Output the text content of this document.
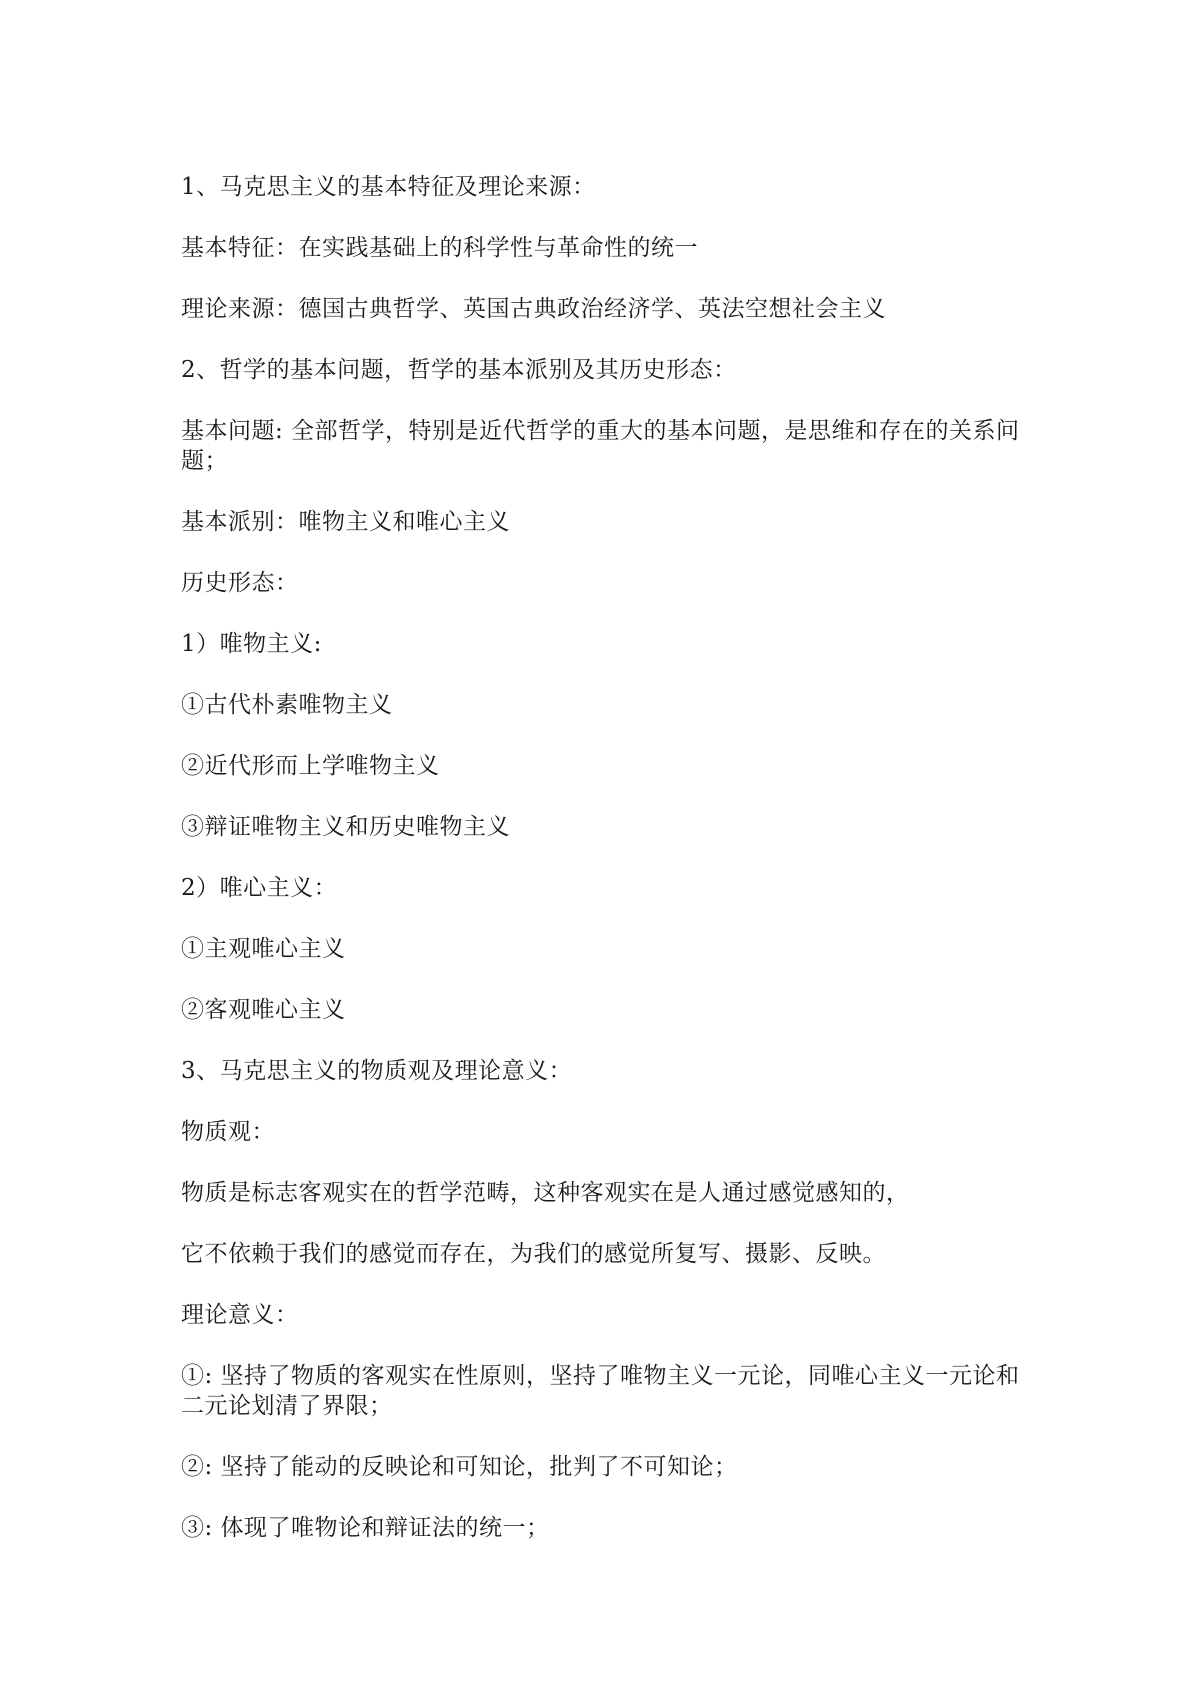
1、马克思主义的基本特征及理论来源：

基本特征：在实践基础上的科学性与革命性的统一

理论来源：德国古典哲学、英国古典政治经济学、英法空想社会主义

2、哲学的基本问题，哲学的基本派别及其历史形态：

基本问题: 全部哲学，特别是近代哲学的重大的基本问题，是思维和存在的关系问题；

基本派别：唯物主义和唯心主义

历史形态：

1）唯物主义:

①古代朴素唯物主义

②近代形而上学唯物主义

③辩证唯物主义和历史唯物主义

2）唯心主义：

①主观唯心主义

②客观唯心主义

3、马克思主义的物质观及理论意义：

物质观：

物质是标志客观实在的哲学范畴，这种客观实在是人通过感觉感知的，

它不依赖于我们的感觉而存在，为我们的感觉所复写、摄影、反映。

理论意义：

①: 坚持了物质的客观实在性原则，坚持了唯物主义一元论，同唯心主义一元论和二元论划清了界限；

②: 坚持了能动的反映论和可知论，批判了不可知论；

③: 体现了唯物论和辩证法的统一；
